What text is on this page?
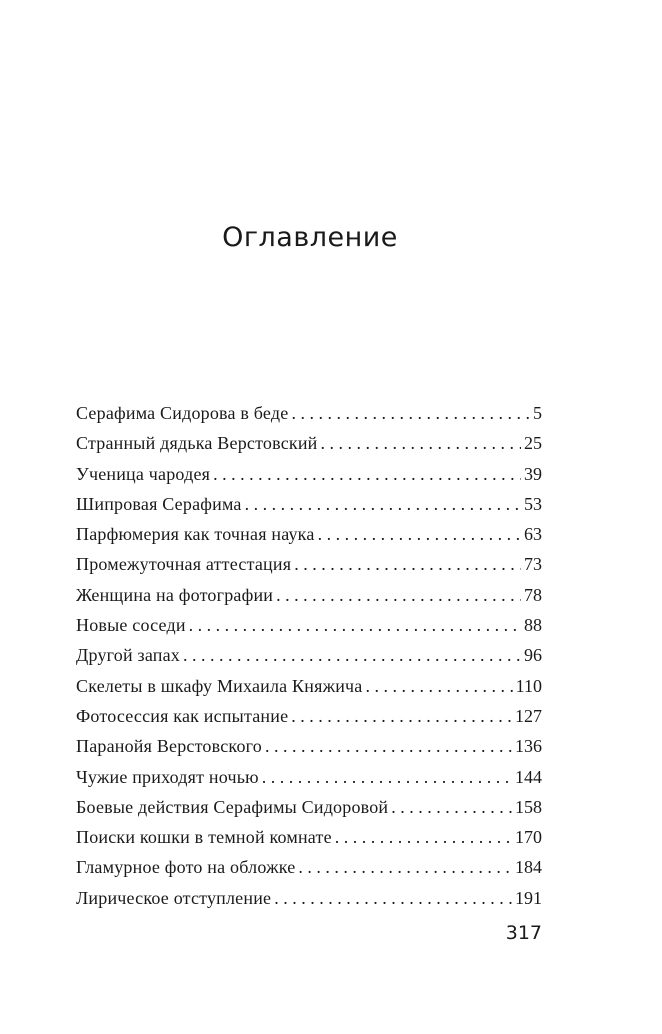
Оглавление
Серафима Сидорова в беде . . .	5
Странный дядька Верстовский . . .	25
Ученица чародея . . .	39
Шипровая Серафима . . .	53
Парфюмерия как точная наука . . .	63
Промежуточная аттестация . . .	73
Женщина на фотографии . . .	78
Новые соседи . . .	88
Другой запах . . .	96
Скелеты в шкафу Михаила Княжича . . .	110
Фотосессия как испытание . . .	127
Паранойя Верстовского . . .	136
Чужие приходят ночью . . .	144
Боевые действия Серафимы Сидоровой . . .	158
Поиски кошки в темной комнате . . .	170
Гламурное фото на обложке . . .	184
Лирическое отступление . . .	191
317
